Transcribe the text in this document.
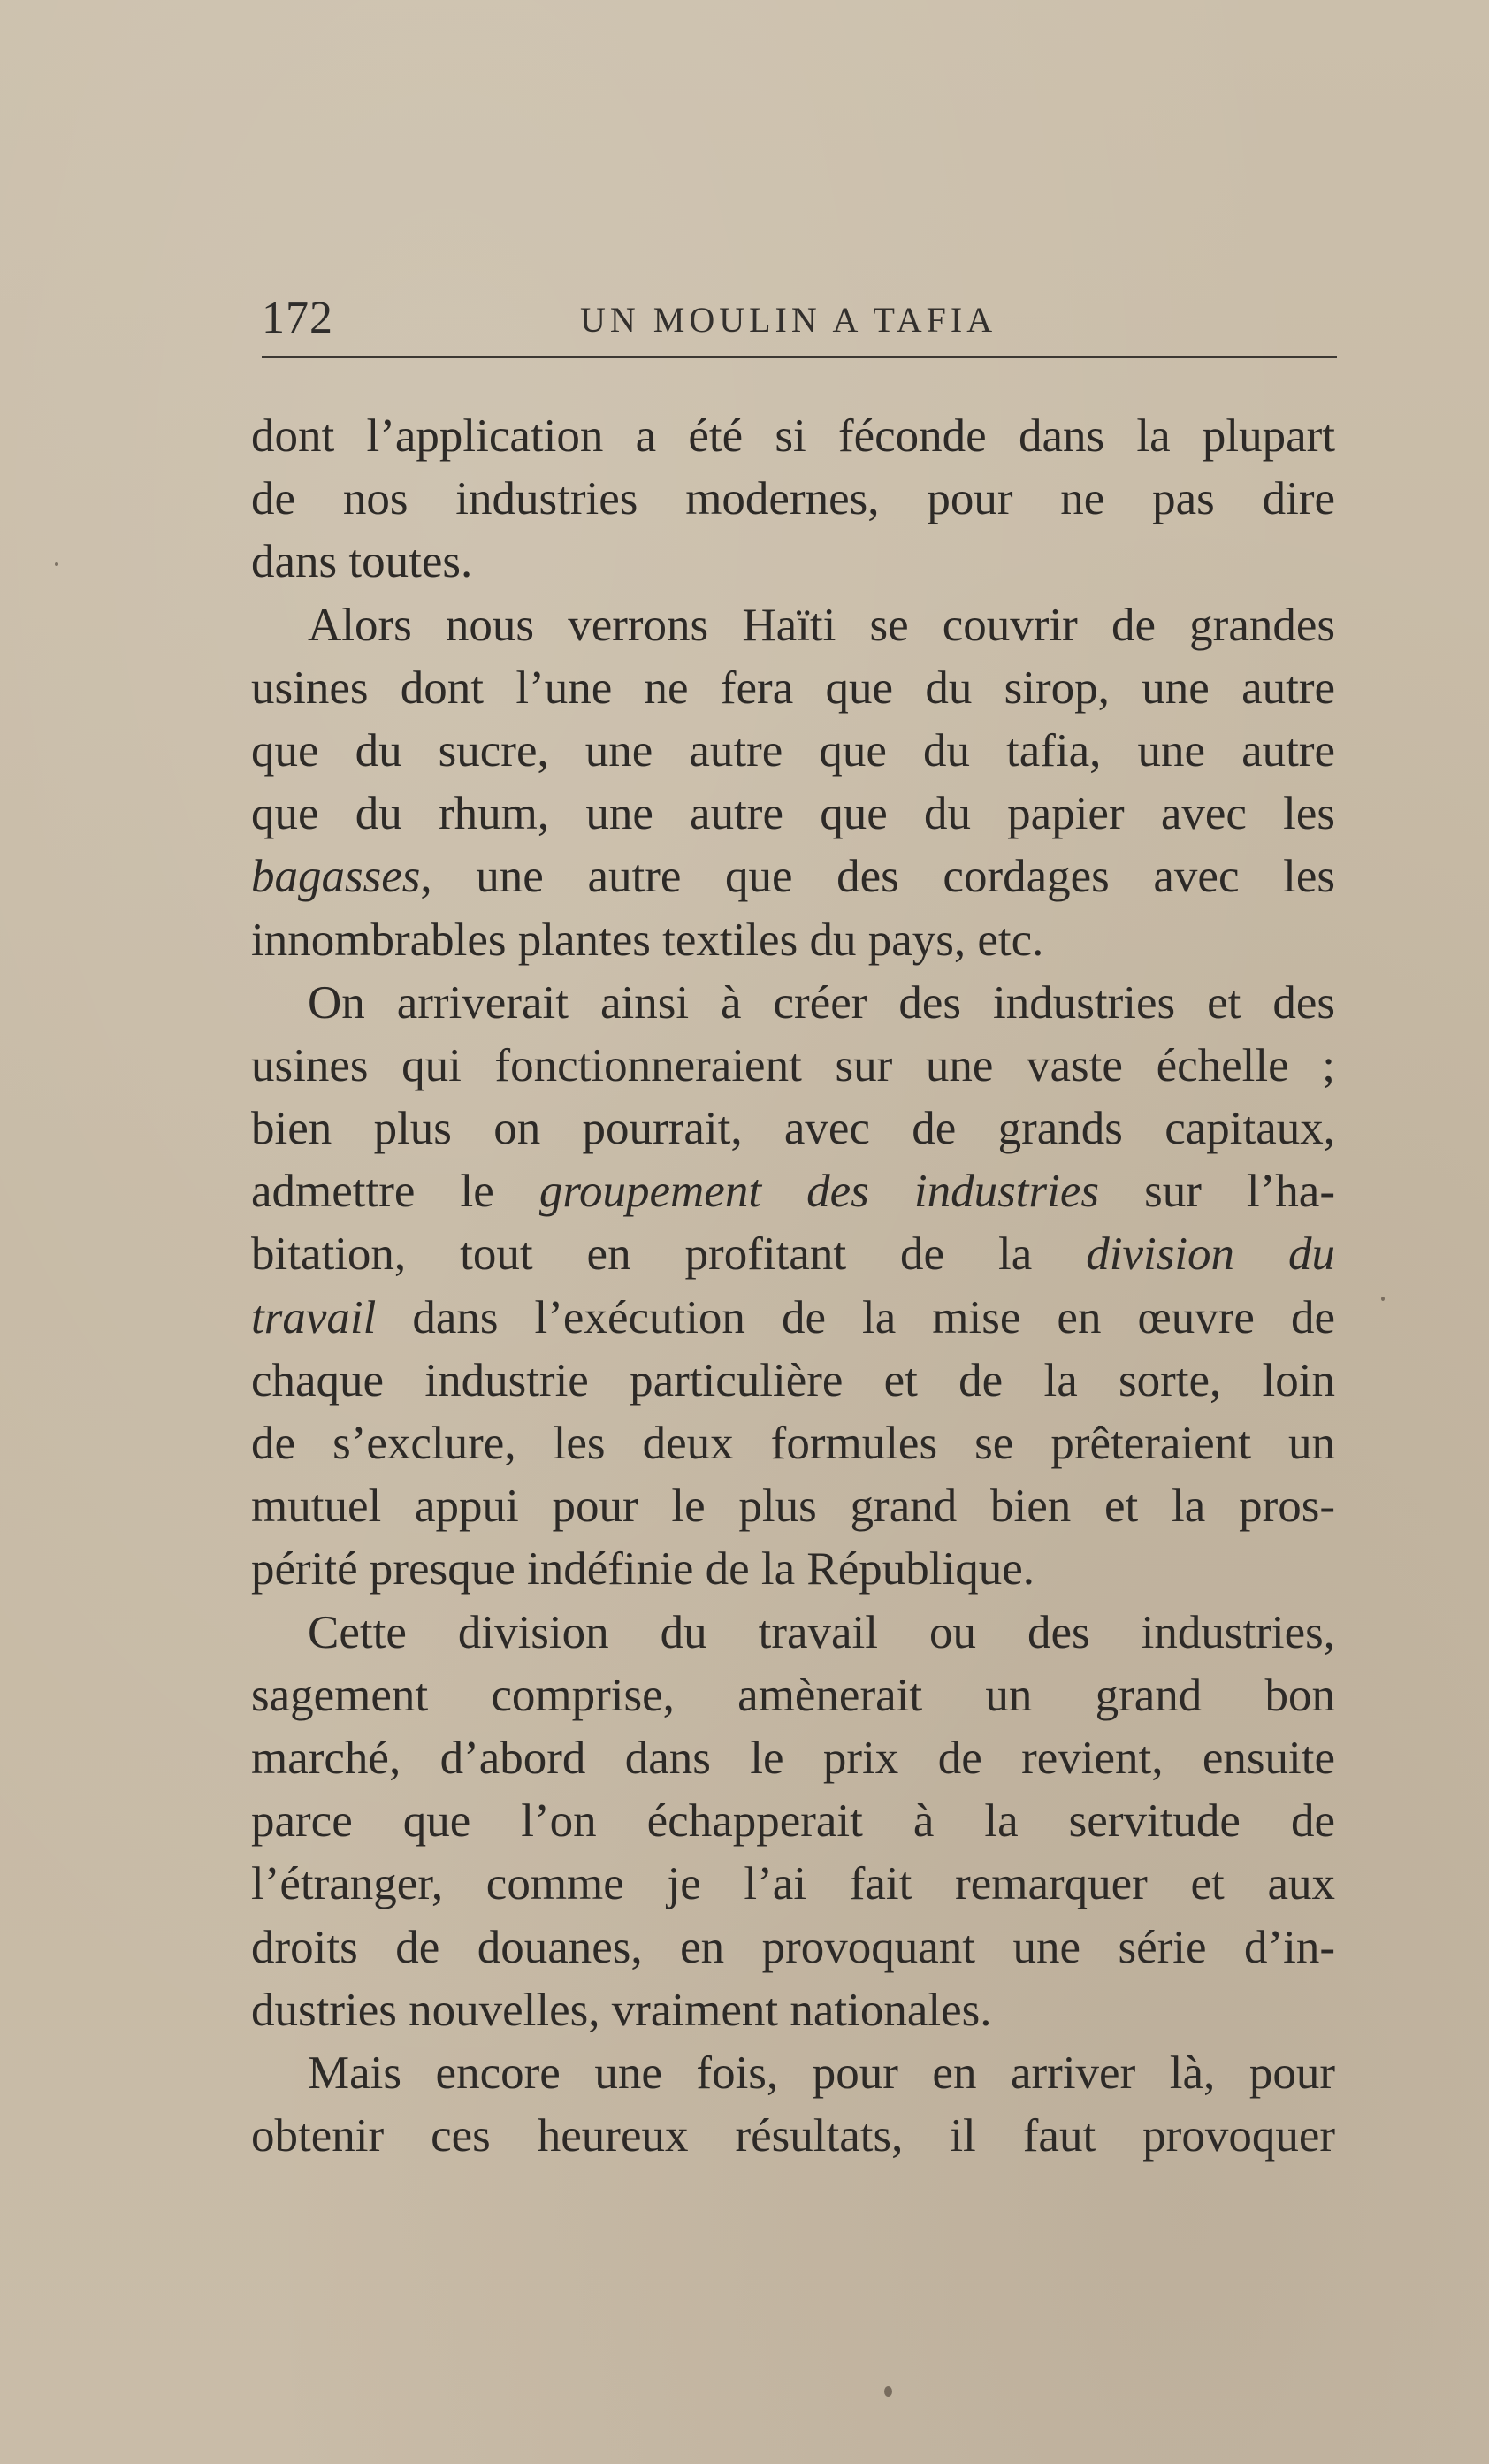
172	UN MOULIN A TAFIA
dont l’application a été si féconde dans la plupart
de nos industries modernes, pour ne pas dire
dans toutes.
Alors nous verrons Haïti se couvrir de grandes
usines dont l’une ne fera que du sirop, une autre
que du sucre, une autre que du tafia, une autre
que du rhum, une autre que du papier avec les
bagasses, une autre que des cordages avec les
innombrables plantes textiles du pays, etc.
On arriverait ainsi à créer des industries et des
usines qui fonctionneraient sur une vaste échelle ;
bien plus on pourrait, avec de grands capitaux,
admettre le groupement des industries sur l’ha-
bitation, tout en profitant de la division du
travail dans l’exécution de la mise en œuvre de
chaque industrie particulière et de la sorte, loin
de s’exclure, les deux formules se prêteraient un
mutuel appui pour le plus grand bien et la pros-
périté presque indéfinie de la République.
Cette division du travail ou des industries,
sagement comprise, amènerait un grand bon
marché, d’abord dans le prix de revient, ensuite
parce que l’on échapperait à la servitude de
l’étranger, comme je l’ai fait remarquer et aux
droits de douanes, en provoquant une série d’in-
dustries nouvelles, vraiment nationales.
Mais encore une fois, pour en arriver là, pour
obtenir ces heureux résultats, il faut provoquer
